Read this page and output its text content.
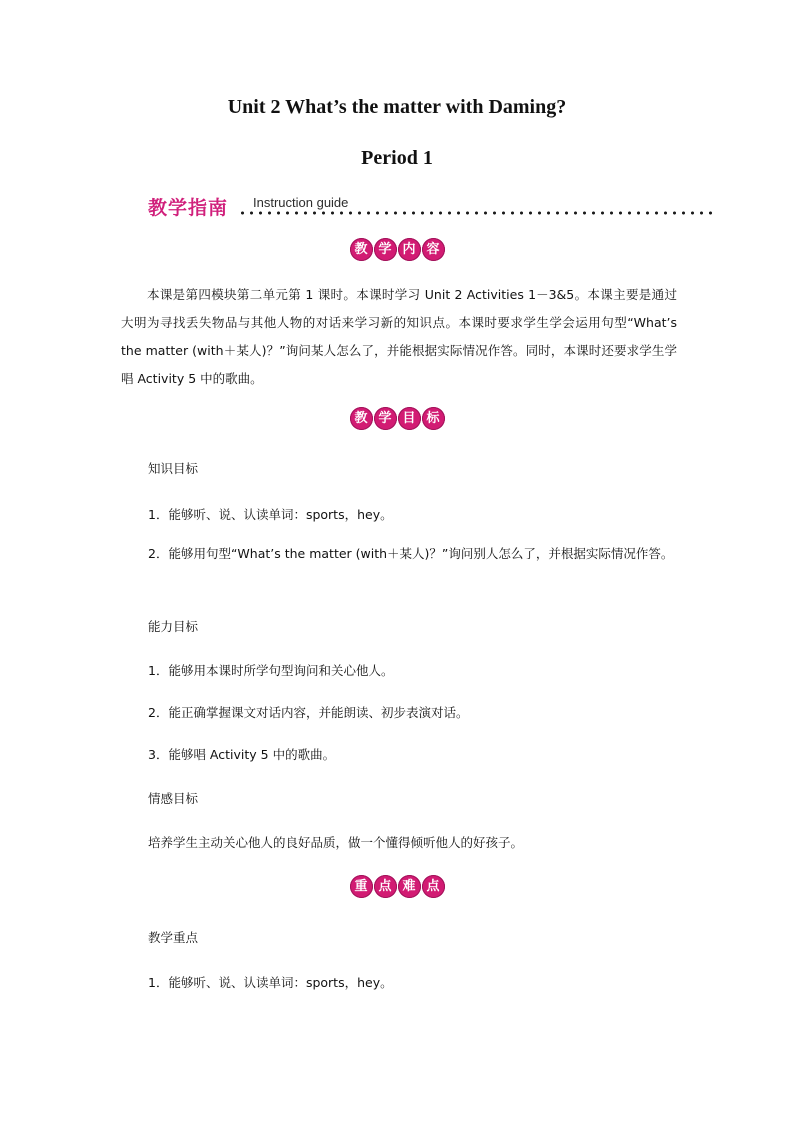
Unit 2 What’s the matter with Daming?
Period 1
教学指南 Instruction guide
教 学 内 容

本课是第四模块第二单元第 1 课时。本课时学习 Unit 2 Activities 1－3&5。本课主要是通过大明为寻找丢失物品与其他人物的对话来学习新的知识点。本课时要求学生学会运用句型“What’s the matter (with＋某人)？”询问某人怎么了，并能根据实际情况作答。同时，本课时还要求学生学唱 Activity 5 中的歌曲。

教 学 目 标

知识目标

1．能够听、说、认读单词：sports，hey。

2．能够用句型“What’s the matter (with＋某人)？”询问别人怎么了，并根据实际情况作答。

能力目标

1．能够用本课时所学句型询问和关心他人。

2．能正确掌握课文对话内容，并能朗读、初步表演对话。

3．能够唱 Activity 5 中的歌曲。

情感目标

培养学生主动关心他人的良好品质，做一个懂得倾听他人的好孩子。

重 点 难 点

教学重点

1．能够听、说、认读单词：sports，hey。
